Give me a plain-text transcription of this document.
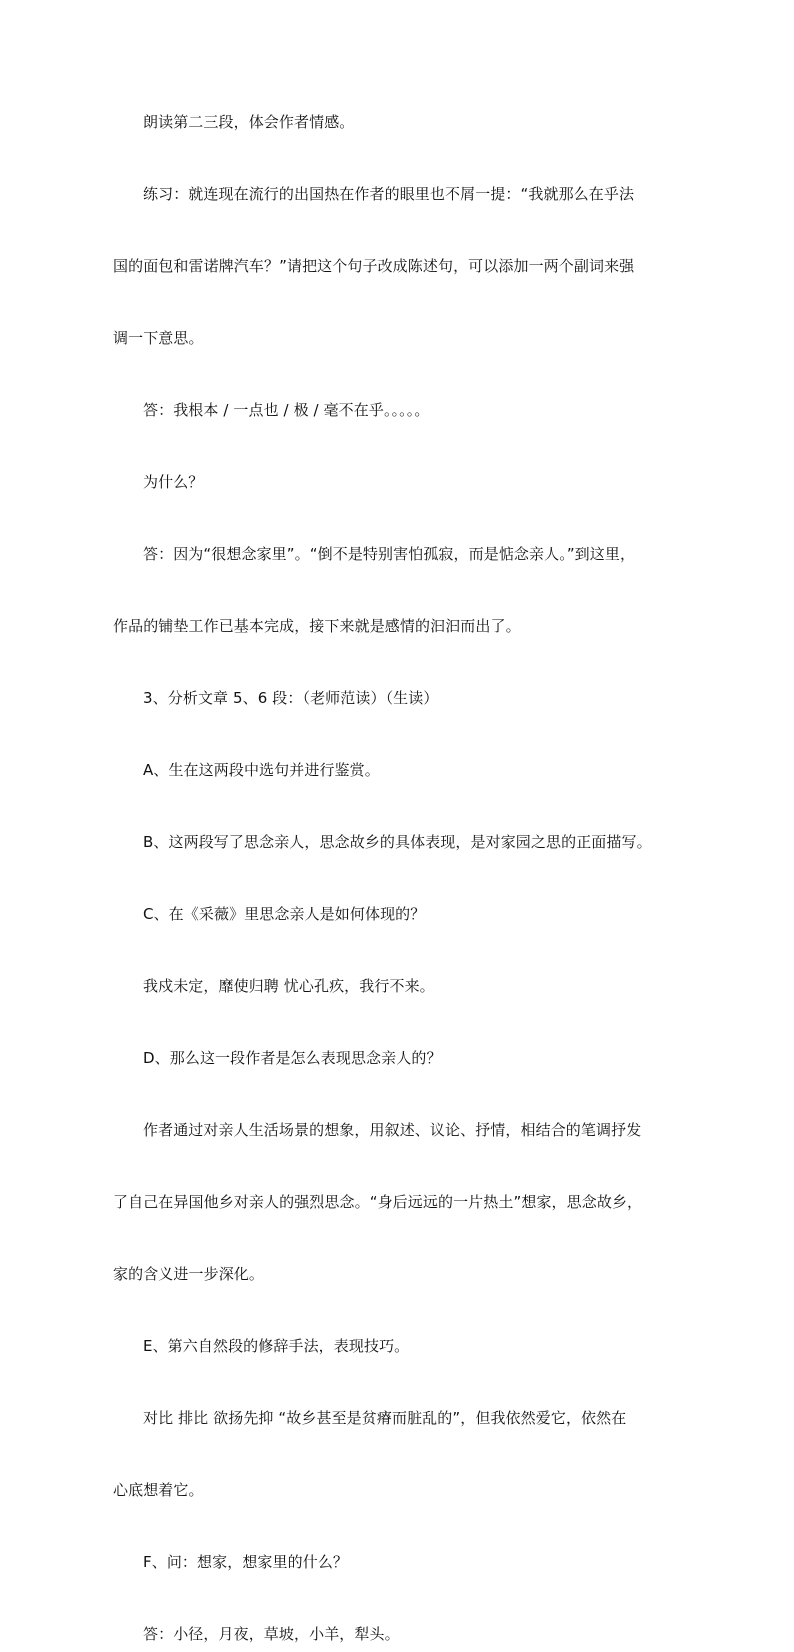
朗读第二三段，体会作者情感。

练习：就连现在流行的出国热在作者的眼里也不屑一提：“我就那么在乎法

国的面包和雷诺牌汽车？”请把这个句子改成陈述句，可以添加一两个副词来强

调一下意思。

答：我根本 / 一点也 / 极 / 毫不在乎。。。。。

为什么？

答：因为“很想念家里”。“倒不是特别害怕孤寂，而是惦念亲人。”到这里，

作品的铺垫工作已基本完成，接下来就是感情的汩汩而出了。

3、分析文章 5、6 段：（老师范读）（生读）

A、生在这两段中选句并进行鉴赏。

B、这两段写了思念亲人，思念故乡的具体表现，是对家园之思的正面描写。

C、在《采薇》里思念亲人是如何体现的？

我戍未定，靡使归聘 忧心孔疚，我行不来。

D、那么这一段作者是怎么表现思念亲人的？

作者通过对亲人生活场景的想象，用叙述、议论、抒情，相结合的笔调抒发

了自己在异国他乡对亲人的强烈思念。“身后远远的一片热土”想家，思念故乡，

家的含义进一步深化。

E、第六自然段的修辞手法，表现技巧。

对比 排比 欲扬先抑 “故乡甚至是贫瘠而脏乱的”，但我依然爱它，依然在

心底想着它。

F、问：想家，想家里的什么？

答：小径，月夜，草坡，小羊，犁头。
